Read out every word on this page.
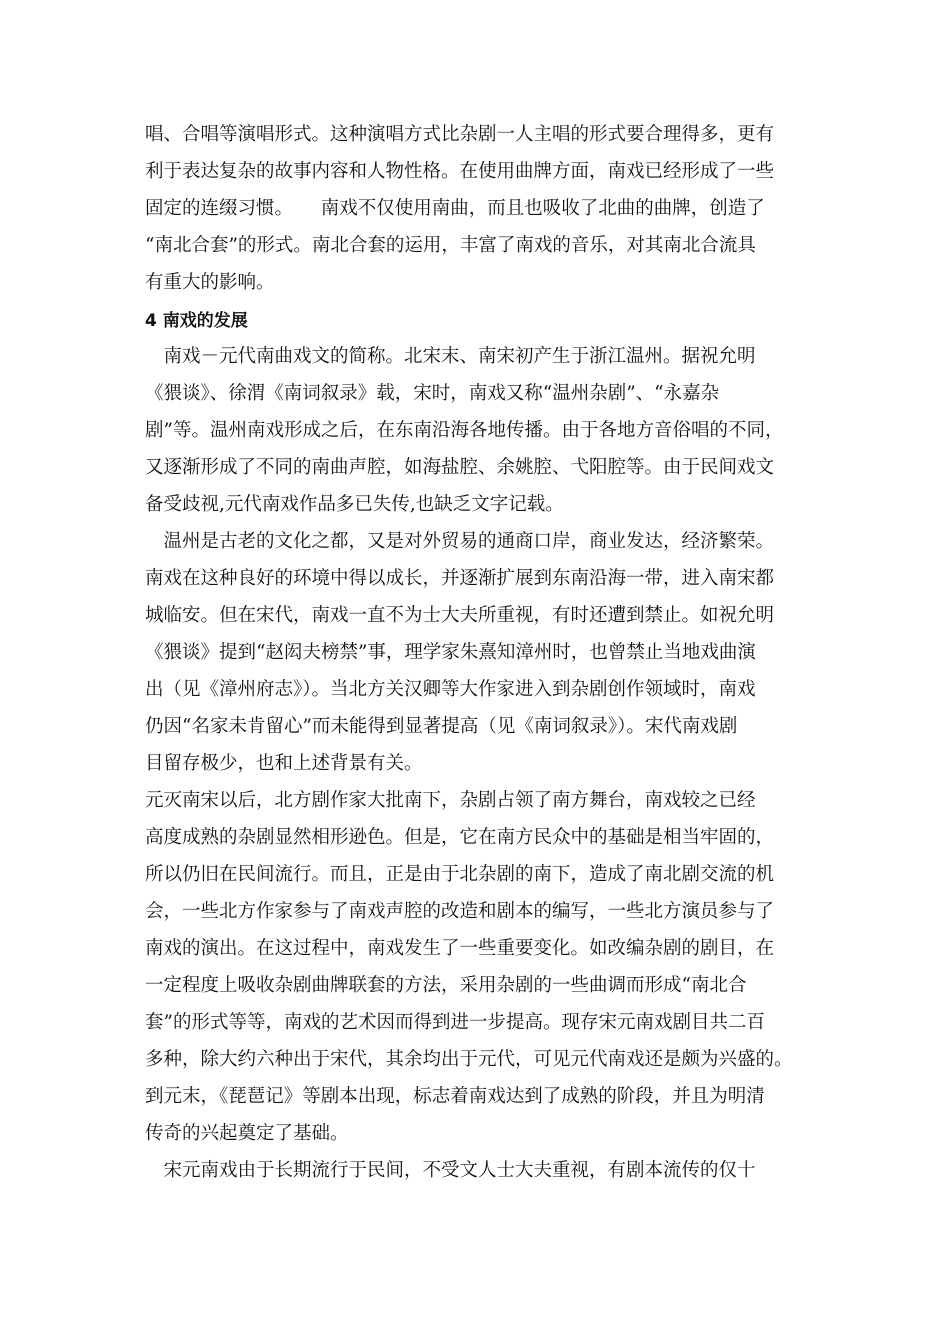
唱、合唱等演唱形式。这种演唱方式比杂剧一人主唱的形式要合理得多，更有
利于表达复杂的故事内容和人物性格。在使用曲牌方面，南戏已经形成了一些
固定的连缀习惯。　　南戏不仅使用南曲，而且也吸收了北曲的曲牌，创造了
“南北合套”的形式。南北合套的运用，丰富了南戏的音乐，对其南北合流具
有重大的影响。
4 南戏的发展
　南戏－元代南曲戏文的简称。北宋末、南宋初产生于浙江温州。据祝允明
《猥谈》、徐渭《南词叙录》载，宋时，南戏又称“温州杂剧”、“永嘉杂
剧”等。温州南戏形成之后，在东南沿海各地传播。由于各地方音俗唱的不同，
又逐渐形成了不同的南曲声腔，如海盐腔、余姚腔、弋阳腔等。由于民间戏文
备受歧视,元代南戏作品多已失传,也缺乏文字记载。
　温州是古老的文化之都，又是对外贸易的通商口岸，商业发达，经济繁荣。
南戏在这种良好的环境中得以成长，并逐渐扩展到东南沿海一带，进入南宋都
城临安。但在宋代，南戏一直不为士大夫所重视，有时还遭到禁止。如祝允明
《猥谈》提到“赵闳夫榜禁”事，理学家朱熹知漳州时，也曾禁止当地戏曲演
出（见《漳州府志》）。当北方关汉卿等大作家进入到杂剧创作领域时，南戏
仍因“名家未肯留心”而未能得到显著提高（见《南词叙录》）。宋代南戏剧
目留存极少，也和上述背景有关。
元灭南宋以后，北方剧作家大批南下，杂剧占领了南方舞台，南戏较之已经
高度成熟的杂剧显然相形逊色。但是，它在南方民众中的基础是相当牢固的，
所以仍旧在民间流行。而且，正是由于北杂剧的南下，造成了南北剧交流的机
会，一些北方作家参与了南戏声腔的改造和剧本的编写，一些北方演员参与了
南戏的演出。在这过程中，南戏发生了一些重要变化。如改编杂剧的剧目，在
一定程度上吸收杂剧曲牌联套的方法，采用杂剧的一些曲调而形成“南北合
套”的形式等等，南戏的艺术因而得到进一步提高。现存宋元南戏剧目共二百
多种，除大约六种出于宋代，其余均出于元代，可见元代南戏还是颇为兴盛的。
到元末，《琵琶记》等剧本出现，标志着南戏达到了成熟的阶段，并且为明清
传奇的兴起奠定了基础。
　宋元南戏由于长期流行于民间，不受文人士大夫重视，有剧本流传的仅十
